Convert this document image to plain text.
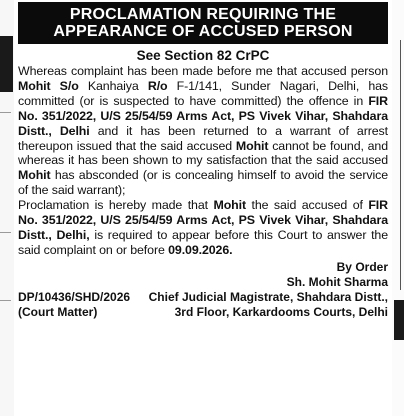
PROCLAMATION REQUIRING THE
APPEARANCE OF ACCUSED PERSON
See Section 82 CrPC

Whereas complaint has been made before me that accused person Mohit S/o Kanhaiya R/o F-1/141, Sunder Nagari, Delhi, has committed (or is suspected to have committed) the offence in FIR No. 351/2022, U/S 25/54/59 Arms Act, PS Vivek Vihar, Shahdara Distt., Delhi and it has been returned to a warrant of arrest thereupon issued that the said accused Mohit cannot be found, and whereas it has been shown to my satisfaction that the said accused Mohit has absconded (or is concealing himself to avoid the service of the said warrant);

Proclamation is hereby made that Mohit the said accused of FIR No. 351/2022, U/S 25/54/59 Arms Act, PS Vivek Vihar, Shahdara Distt., Delhi, is required to appear before this Court to answer the said complaint on or before 09.09.2026.

By Order
Sh. Mohit Sharma
DP/10436/SHD/2026
(Court Matter)
Chief Judicial Magistrate, Shahdara Distt.,
3rd Floor, Karkardooms Courts, Delhi
